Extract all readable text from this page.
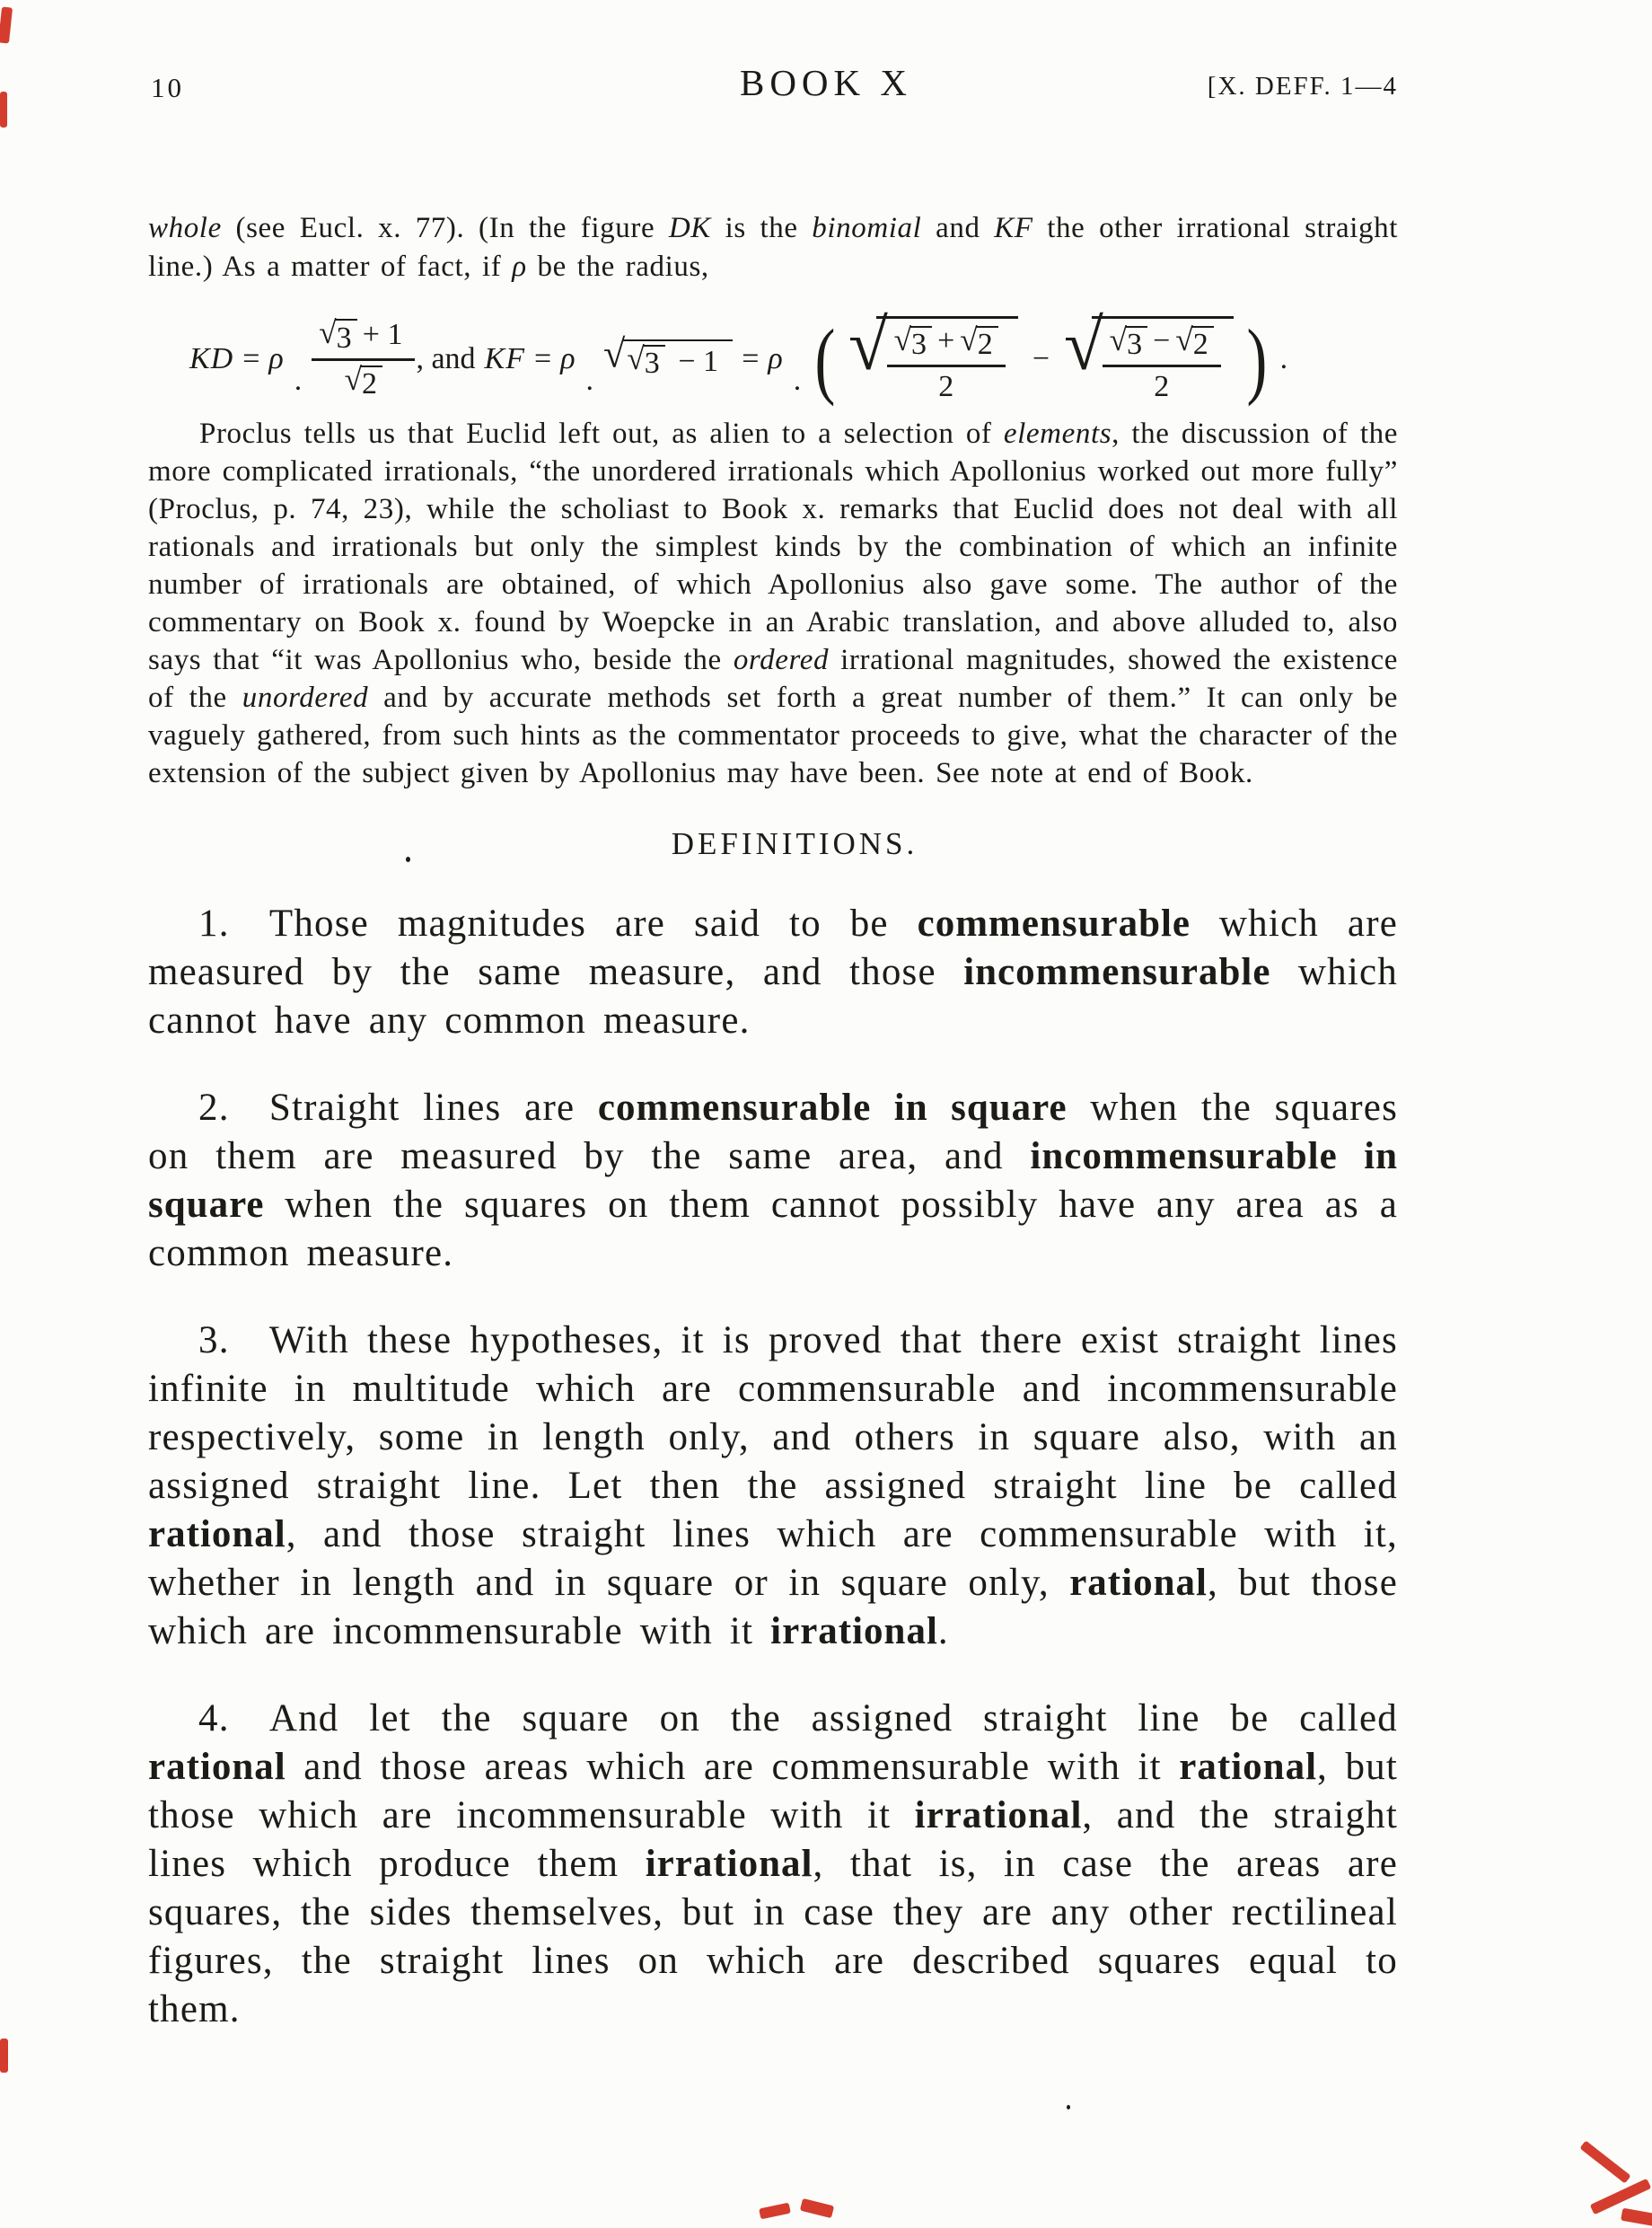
10	BOOK X	[X. DEFF. 1—4

whole (see Eucl. x. 77). (In the figure DK is the binomial and KF the other irrational straight line.) As a matter of fact, if ρ be the radius,

KD = ρ
. $\frac{√ 3 + 1}{√ 2}$ , and KF = ρ
.
√ √ 3 − 1 = ρ
. ( √
$\frac{√ 3 + √ 2}{2}$ − √
$\frac{√ 3 - √ 2}{2}$ ) .

Proclus tells us that Euclid left out, as alien to a selection of elements, the discussion of the more complicated irrationals, “the unordered irrationals which Apollonius worked out more fully” (Proclus, p. 74, 23), while the scholiast to Book x. remarks that Euclid does not deal with all rationals and irrationals but only the simplest kinds by the combination of which an infinite number of irrationals are obtained, of which Apollonius also gave some. The author of the commentary on Book x. found by Woepcke in an Arabic translation, and above alluded to, also says that “it was Apollonius who, beside the ordered irrational magnitudes, showed the existence of the unordered and by accurate methods set forth a great number of them.” It can only be vaguely gathered, from such hints as the commentator proceeds to give, what the character of the extension of the subject given by Apollonius may have been. See note at end of Book.

DEFINITIONS.

1. Those magnitudes are said to be commensurable which are measured by the same measure, and those incommensurable which cannot have any common measure.

2. Straight lines are commensurable in square when the squares on them are measured by the same area, and incommensurable in square when the squares on them cannot possibly have any area as a common measure.

3. With these hypotheses, it is proved that there exist straight lines infinite in multitude which are commensurable and incommensurable respectively, some in length only, and others in square also, with an assigned straight line. Let then the assigned straight line be called rational, and those straight lines which are commensurable with it, whether in length and in square or in square only, rational, but those which are incommensurable with it irrational.

4. And let the square on the assigned straight line be called rational and those areas which are commensurable with it rational, but those which are incommensurable with it irrational, and the straight lines which produce them irrational, that is, in case the areas are squares, the sides themselves, but in case they are any other rectilineal figures, the straight lines on which are described squares equal to them.
